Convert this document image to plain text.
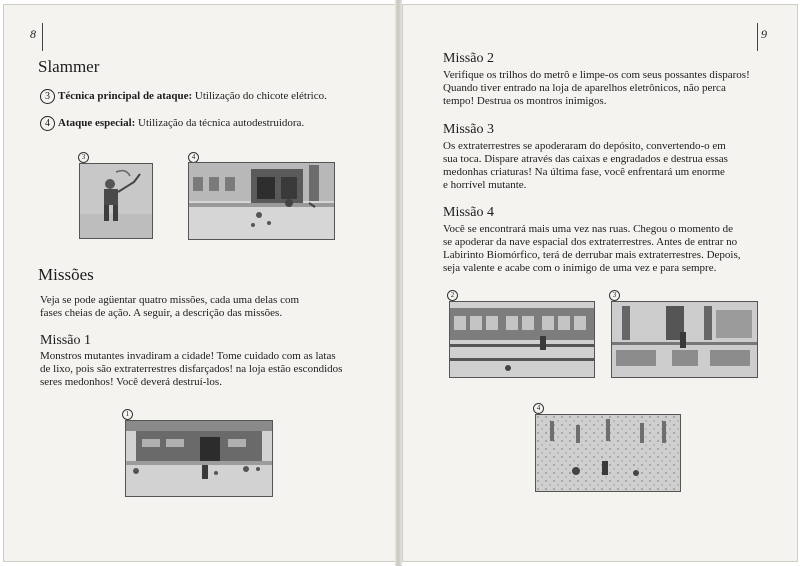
8
Slammer
3 Técnica principal de ataque: Utilização do chicote elétrico.
4 Ataque especial: Utilização da técnica autodestruidora.
3	4
Missões

Veja se pode agüentar quatro missões, cada uma delas com

fases cheias de ação. A seguir, a descrição das missões.

Missão 1

Monstros mutantes invadiram a cidade! Tome cuidado com as latas

de lixo, pois são extraterrestres disfarçados! na loja estão escondidos

seres medonhos! Você deverá destruí-los.

1
9
Missão 2

Verifique os trilhos do metrô e limpe-os com seus possantes disparos!

Quando tiver entrado na loja de aparelhos eletrônicos, não perca

tempo! Destrua os montros inimigos.

Missão 3

Os extraterrestres se apoderaram do depósito, convertendo-o em

sua toca. Dispare através das caixas e engradados e destrua essas

medonhas criaturas! Na última fase, você enfrentará um enorme

e horrível mutante.

Missão 4

Você se encontrará mais uma vez nas ruas. Chegou o momento de

se apoderar da nave espacial dos extraterrestres. Antes de entrar no

Labirinto Biomórfico, terá de derrubar mais extraterrestres. Depois,

seja valente e acabe com o inimigo de uma vez e para sempre.

2	3
4
